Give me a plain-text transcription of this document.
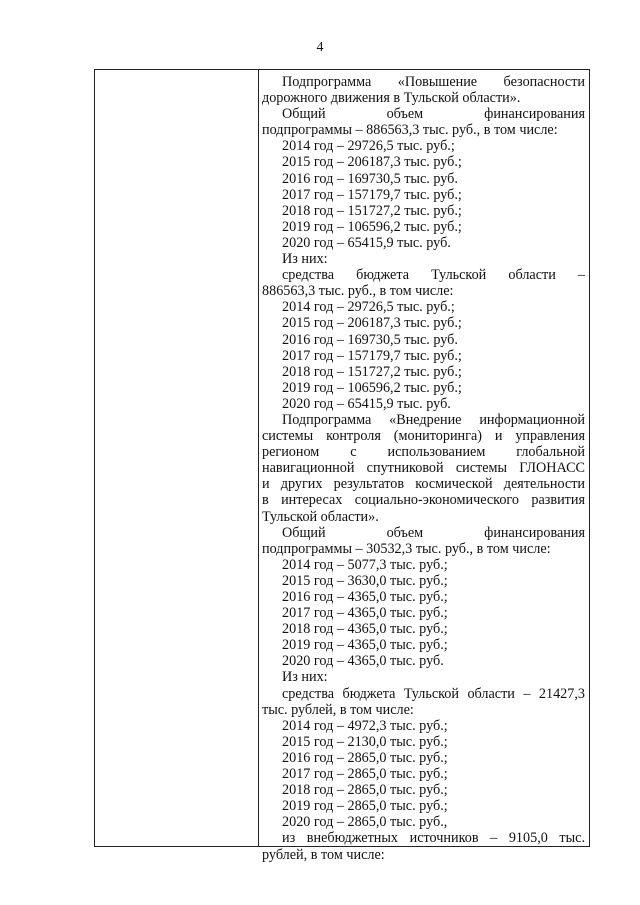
4
Подпрограмма «Повышение безопасности
дорожного движения в Тульской области».
Общий объем финансирования
подпрограммы – 886563,3 тыс. руб., в том числе:
2014 год – 29726,5 тыс. руб.;
2015 год – 206187,3 тыс. руб.;
2016 год – 169730,5 тыс. руб.
2017 год – 157179,7 тыс. руб.;
2018 год – 151727,2 тыс. руб.;
2019 год – 106596,2 тыс. руб.;
2020 год – 65415,9 тыс. руб.
Из них:
средства бюджета Тульской области –
886563,3 тыс. руб., в том числе:
2014 год – 29726,5 тыс. руб.;
2015 год – 206187,3 тыс. руб.;
2016 год – 169730,5 тыс. руб.
2017 год – 157179,7 тыс. руб.;
2018 год – 151727,2 тыс. руб.;
2019 год – 106596,2 тыс. руб.;
2020 год – 65415,9 тыс. руб.
Подпрограмма «Внедрение информационной
системы контроля (мониторинга) и управления
регионом с использованием глобальной
навигационной спутниковой системы ГЛОНАСС
и других результатов космической деятельности
в интересах социально-экономического развития
Тульской области».
Общий объем финансирования
подпрограммы – 30532,3 тыс. руб., в том числе:
2014 год – 5077,3 тыс. руб.;
2015 год – 3630,0 тыс. руб.;
2016 год – 4365,0 тыс. руб.;
2017 год – 4365,0 тыс. руб.;
2018 год – 4365,0 тыс. руб.;
2019 год – 4365,0 тыс. руб.;
2020 год – 4365,0 тыс. руб.
Из них:
средства бюджета Тульской области – 21427,3
тыс. рублей, в том числе:
2014 год – 4972,3 тыс. руб.;
2015 год – 2130,0 тыс. руб.;
2016 год – 2865,0 тыс. руб.;
2017 год – 2865,0 тыс. руб.;
2018 год – 2865,0 тыс. руб.;
2019 год – 2865,0 тыс. руб.;
2020 год – 2865,0 тыс. руб.,
из внебюджетных источников – 9105,0 тыс.
рублей, в том числе:
